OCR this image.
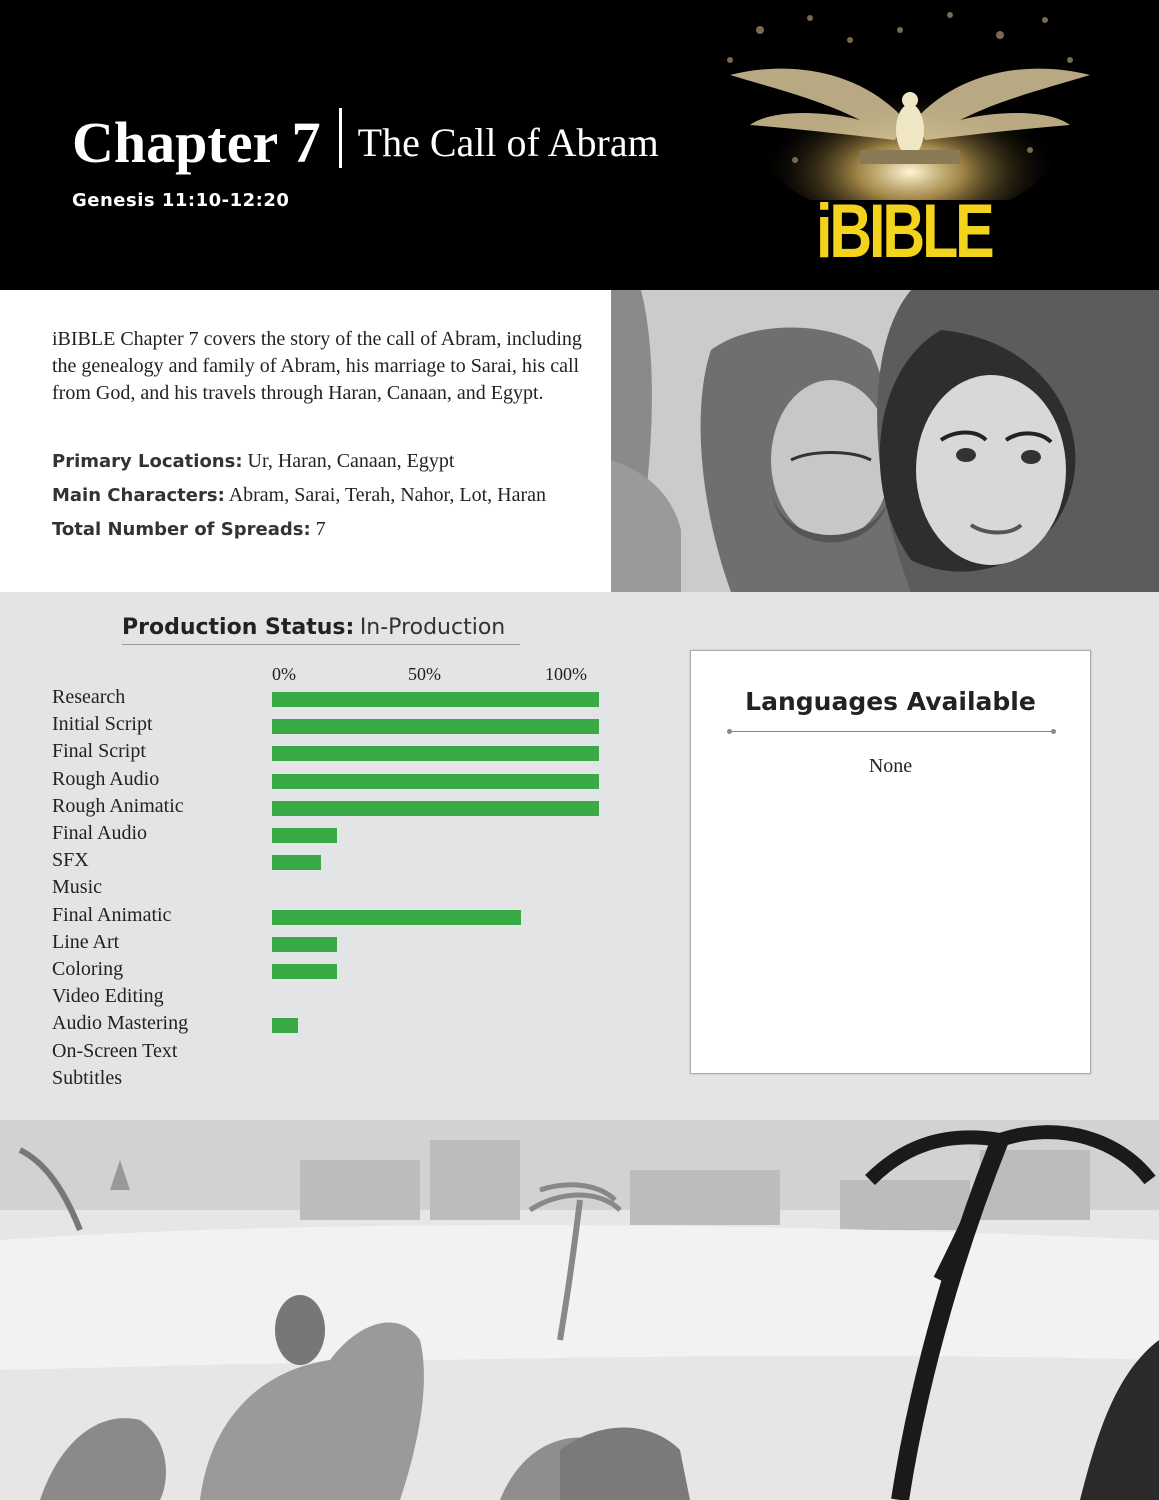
Chapter 7 The Call of Abram
Genesis 11:10-12:20	iBIBLE

iBIBLE Chapter 7 covers the story of the call of Abram, including the genealogy and family of Abram, his marriage to Sarai, his call from God, and his travels through Haran, Canaan, and Egypt.

Primary Locations: Ur, Haran, Canaan, Egypt
Main Characters: Abram, Sarai, Terah, Nahor, Lot, Haran
Total Number of Spreads: 7
Production Status: In-Production
0%	50%	100%
Research
Initial Script
Final Script
Rough Audio
Rough Animatic
Final Audio
SFX
Music
Final Animatic
Line Art
Coloring
Video Editing
Audio Mastering
On-Screen Text
Subtitles
Languages Available
None
